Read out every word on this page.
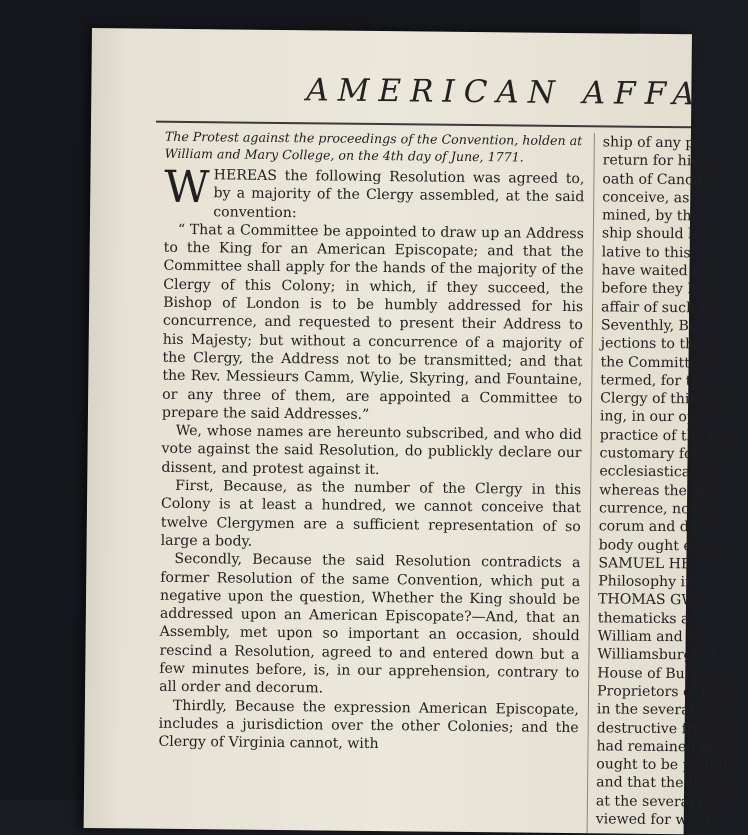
AMERICAN AFFA

The Protest against the proceedings of the Convention, holden at William and Mary College, on the 4th day of June, 1771.

W HEREAS the following Resolution was agreed to, by a majority of the Clergy assembled, at the said convention:

“ That a Committee be appointed to draw up an Address to the King for an American Episcopate; and that the Committee shall apply for the hands of the majority of the Clergy of this Colony; in which, if they succeed, the Bishop of London is to be humbly addressed for his concurrence, and requested to present their Address to his Majesty; but without a concurrence of a majority of the Clergy, the Address not to be transmitted; and that the Rev. Messieurs Camm, Wylie, Skyring, and Fountaine, or any three of them, are appointed a Committee to prepare the said Addresses.”

We, whose names are hereunto subscribed, and who did vote against the said Resolution, do publickly declare our dissent, and protest against it.

First, Because, as the number of the Clergy in this Colony is at least a hundred, we cannot conceive that twelve Clergymen are a sufficient representation of so large a body.

Secondly, Because the said Resolution contradicts a former Resolution of the same Convention, which put a negative upon the question, Whether the King should be addressed upon an American Episcopate?—And, that an Assembly, met upon so important an occasion, should rescind a Resolution, agreed to and entered down but a few minutes before, is, in our apprehension, contrary to all order and decorum.

Thirdly, Because the expression American Episcopate, includes a jurisdiction over the other Colonies; and the Clergy of Virginia cannot, with

ship of any pa
return for his pa
oath of Canonic
conceive, as it
mined, by this
ship should be a
lative to this n
have waited for
before they had
affair of such va
Seventhly, Be
jections to that p
the Committee a
termed, for the
Clergy of this Colo
ing, in our opini
practice of the Ch
customary for the
ecclesiastical nat
whereas the man
currence, now pr
corum and digni
body ought ever to
SAMUEL HE
Philosophy in
THOMAS GWA
thematicks a
William and M
Williamsburgh, J
House of Burgesses
Proprietors of tobac
in the several publ
destructive freshes,
had remained in the
ought to be paid for
and that the Propri
at the several publ
viewed for what is
